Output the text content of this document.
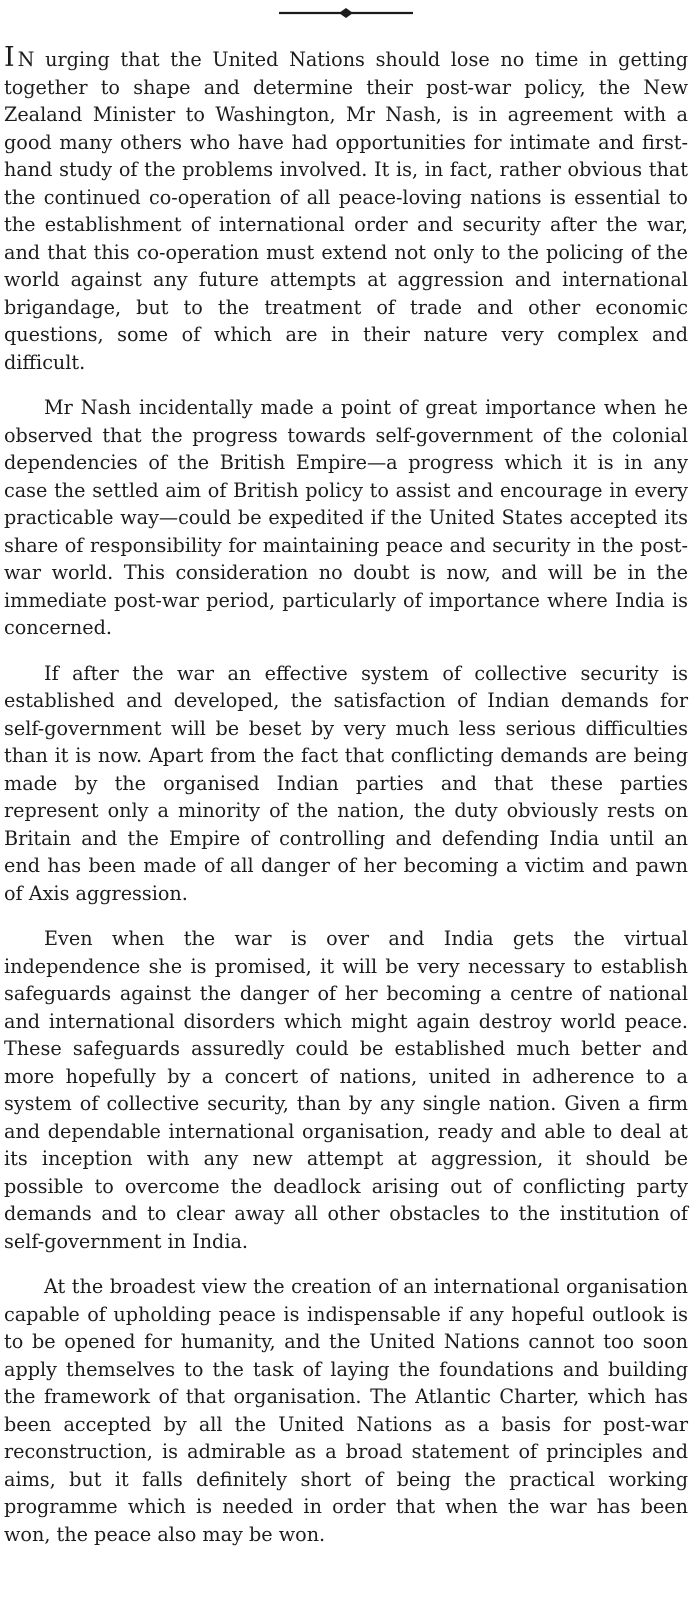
I N urging that the United Nations should lose no time in getting together to shape and determine their post-war policy, the New Zealand Minister to Washington, Mr Nash, is in agreement with a good many others who have had opportunities for intimate and first-hand study of the problems involved. It is, in fact, rather obvious that the continued co-operation of all peace-loving nations is essential to the establishment of international order and security after the war, and that this co-operation must extend not only to the policing of the world against any future attempts at aggression and international brigandage, but to the treatment of trade and other economic questions, some of which are in their nature very complex and difficult.

Mr Nash incidentally made a point of great importance when he observed that the progress towards self-government of the colonial dependencies of the British Empire—a progress which it is in any case the settled aim of British policy to assist and encourage in every practicable way—could be expedited if the United States accepted its share of responsibility for maintaining peace and security in the post-war world. This consideration no doubt is now, and will be in the immediate post-war period, particularly of importance where India is concerned.

If after the war an effective system of collective security is established and developed, the satisfaction of Indian demands for self-government will be beset by very much less serious difficulties than it is now. Apart from the fact that conflicting demands are being made by the organised Indian parties and that these parties represent only a minority of the nation, the duty obviously rests on Britain and the Empire of controlling and defending India until an end has been made of all danger of her becoming a victim and pawn of Axis aggression.

Even when the war is over and India gets the virtual independence she is promised, it will be very necessary to establish safeguards against the danger of her becoming a centre of national and international disorders which might again destroy world peace. These safeguards assuredly could be established much better and more hopefully by a concert of nations, united in adherence to a system of collective security, than by any single nation. Given a firm and dependable international organisation, ready and able to deal at its inception with any new attempt at aggression, it should be possible to overcome the deadlock arising out of conflicting party demands and to clear away all other obstacles to the institution of self-government in India.

At the broadest view the creation of an international organisation capable of upholding peace is indispensable if any hopeful outlook is to be opened for humanity, and the United Nations cannot too soon apply themselves to the task of laying the foundations and building the framework of that organisation. The Atlantic Charter, which has been accepted by all the United Nations as a basis for post-war reconstruction, is admirable as a broad statement of principles and aims, but it falls definitely short of being the practical working programme which is needed in order that when the war has been won, the peace also may be won.
